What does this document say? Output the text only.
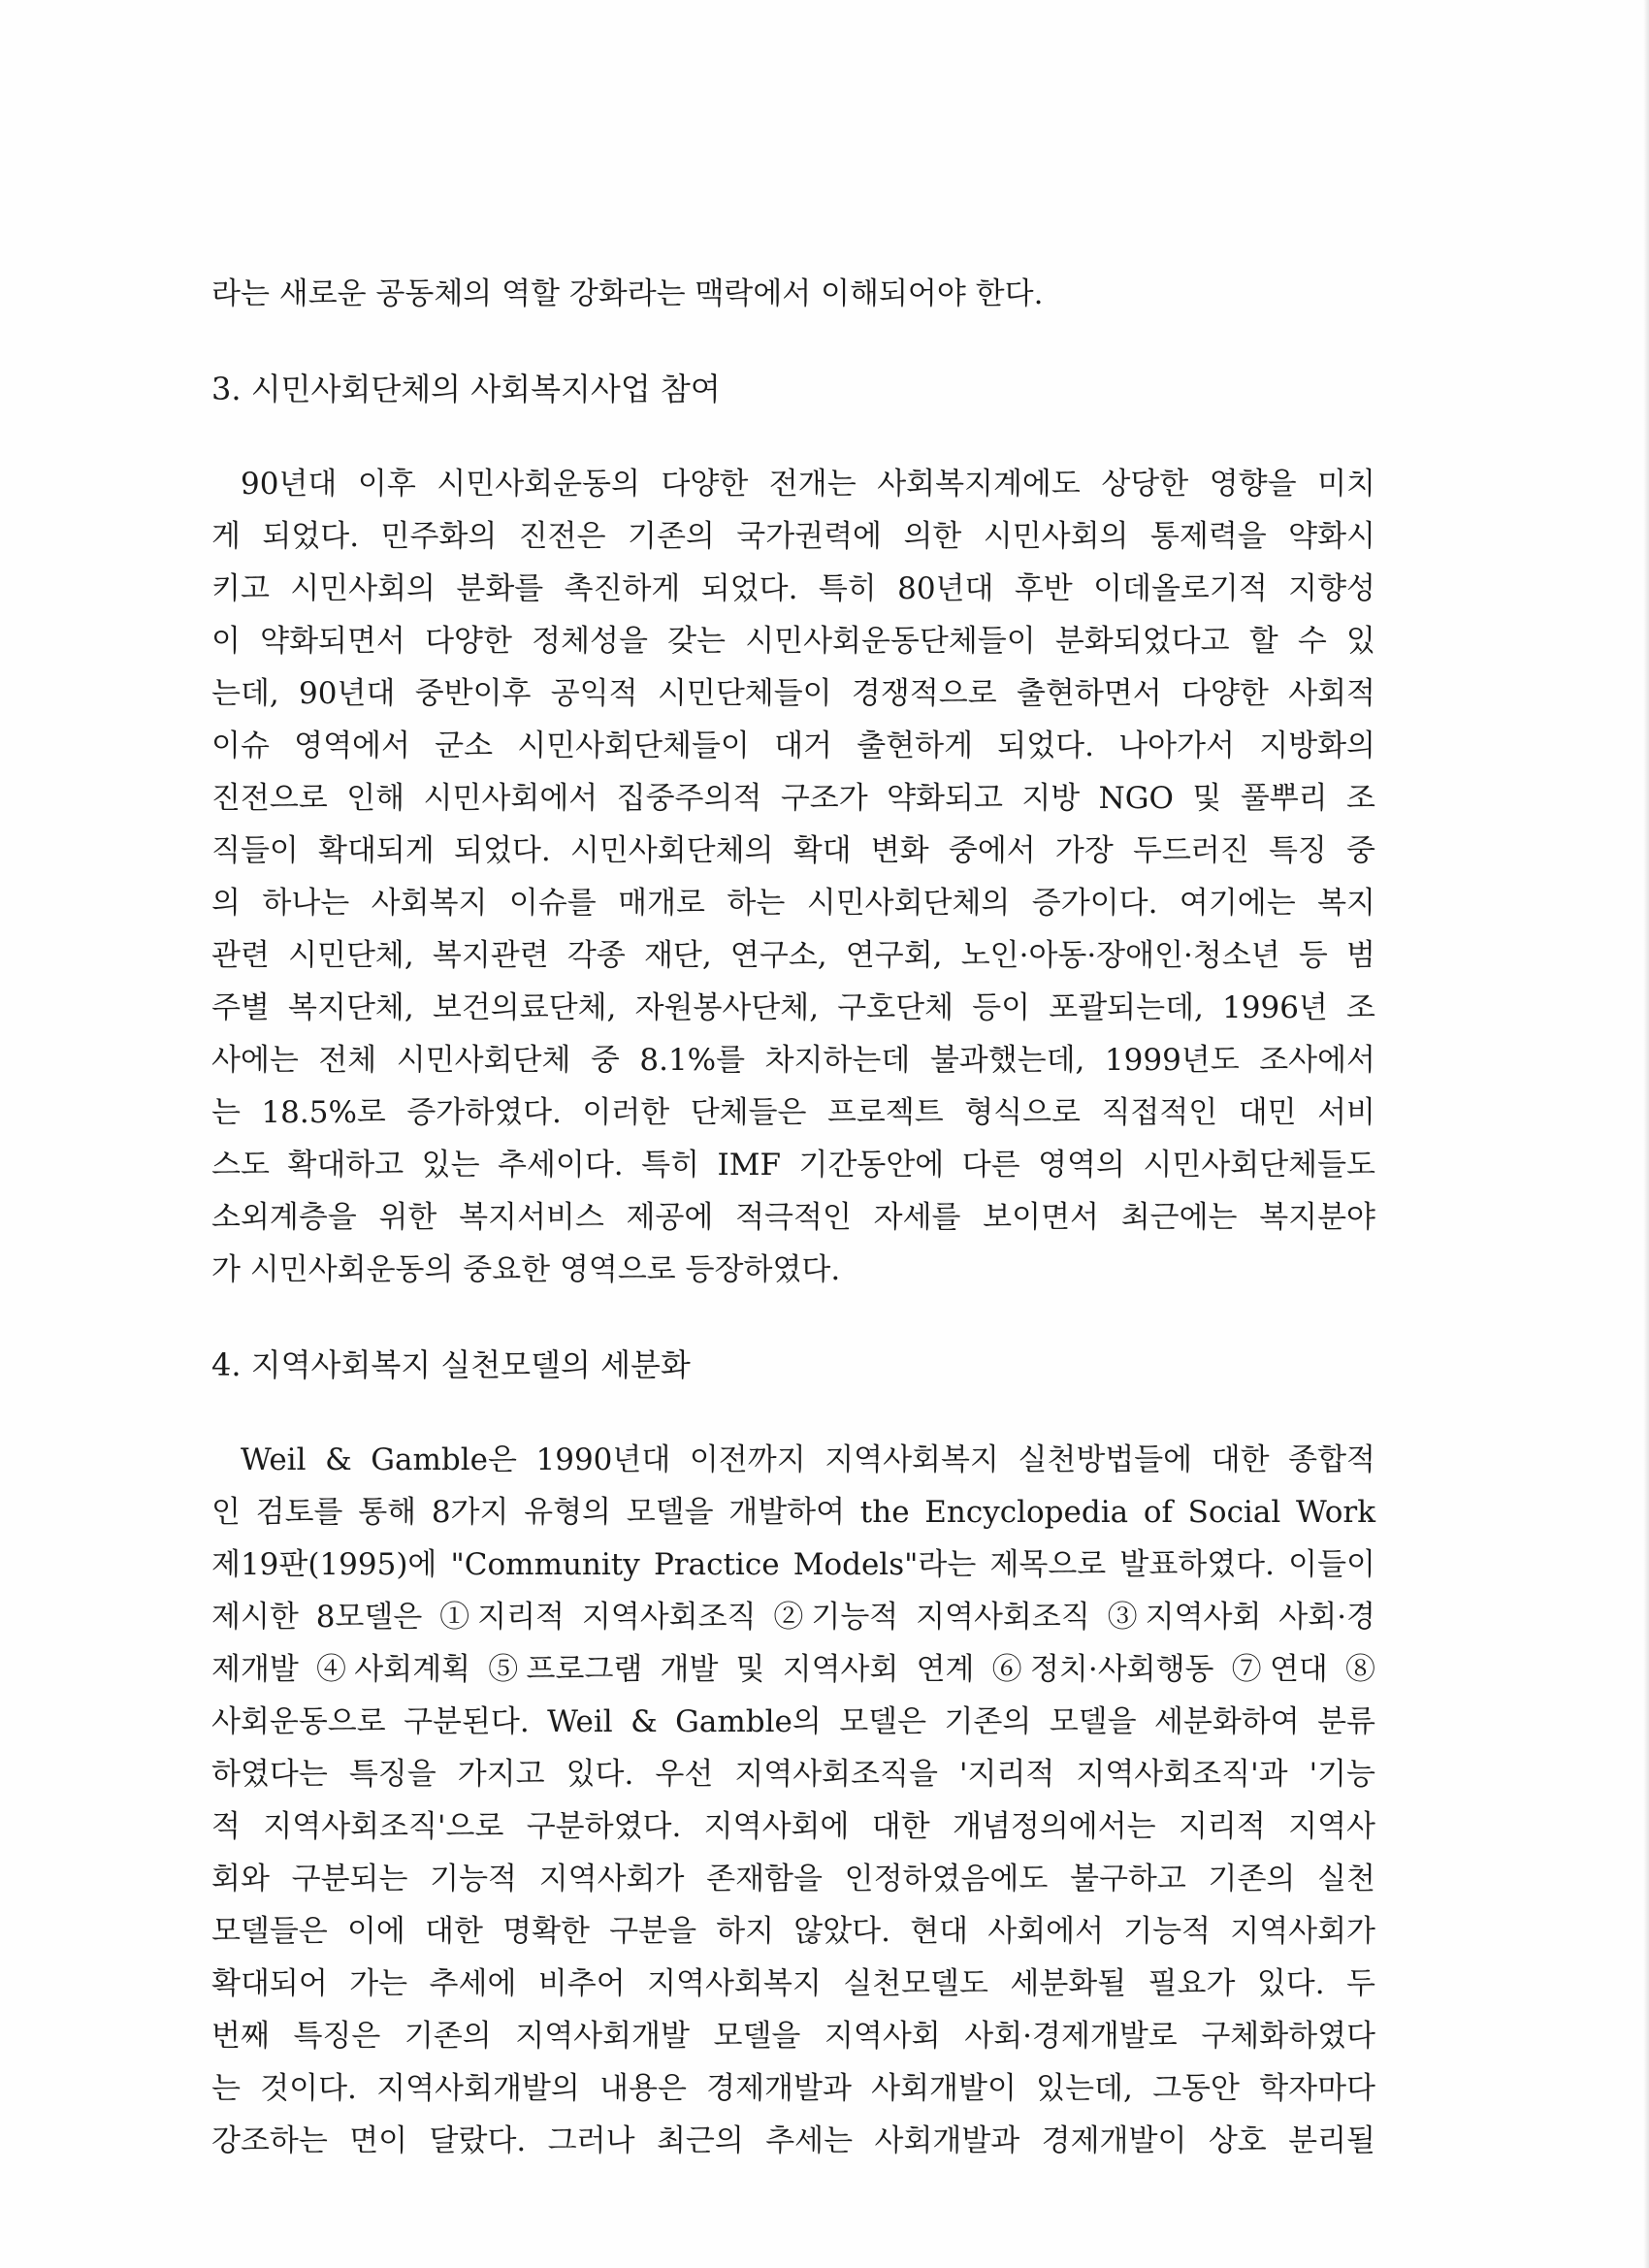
라는 새로운 공동체의 역할 강화라는 맥락에서 이해되어야 한다.
3. 시민사회단체의 사회복지사업 참여
90년대 이후 시민사회운동의 다양한 전개는 사회복지계에도 상당한 영향을 미치
게 되었다. 민주화의 진전은 기존의 국가권력에 의한 시민사회의 통제력을 약화시
키고 시민사회의 분화를 촉진하게 되었다. 특히 80년대 후반 이데올로기적 지향성
이 약화되면서 다양한 정체성을 갖는 시민사회운동단체들이 분화되었다고 할 수 있
는데, 90년대 중반이후 공익적 시민단체들이 경쟁적으로 출현하면서 다양한 사회적
이슈 영역에서 군소 시민사회단체들이 대거 출현하게 되었다. 나아가서 지방화의
진전으로 인해 시민사회에서 집중주의적 구조가 약화되고 지방 NGO 및 풀뿌리 조
직들이 확대되게 되었다. 시민사회단체의 확대 변화 중에서 가장 두드러진 특징 중
의 하나는 사회복지 이슈를 매개로 하는 시민사회단체의 증가이다. 여기에는 복지
관련 시민단체, 복지관련 각종 재단, 연구소, 연구회, 노인·아동·장애인·청소년 등 범
주별 복지단체, 보건의료단체, 자원봉사단체, 구호단체 등이 포괄되는데, 1996년 조
사에는 전체 시민사회단체 중 8.1%를 차지하는데 불과했는데, 1999년도 조사에서
는 18.5%로 증가하였다. 이러한 단체들은 프로젝트 형식으로 직접적인 대민 서비
스도 확대하고 있는 추세이다. 특히 IMF 기간동안에 다른 영역의 시민사회단체들도
소외계층을 위한 복지서비스 제공에 적극적인 자세를 보이면서 최근에는 복지분야
가 시민사회운동의 중요한 영역으로 등장하였다.
4. 지역사회복지 실천모델의 세분화
Weil & Gamble은 1990년대 이전까지 지역사회복지 실천방법들에 대한 종합적
인 검토를 통해 8가지 유형의 모델을 개발하여 the Encyclopedia of Social Work
제19판(1995)에 "Community Practice Models"라는 제목으로 발표하였다. 이들이
제시한 8모델은 ①지리적 지역사회조직 ②기능적 지역사회조직 ③지역사회 사회·경
제개발 ④사회계획 ⑤프로그램 개발 및 지역사회 연계 ⑥정치·사회행동 ⑦연대 ⑧
사회운동으로 구분된다. Weil & Gamble의 모델은 기존의 모델을 세분화하여 분류
하였다는 특징을 가지고 있다. 우선 지역사회조직을 '지리적 지역사회조직'과 '기능
적 지역사회조직'으로 구분하였다. 지역사회에 대한 개념정의에서는 지리적 지역사
회와 구분되는 기능적 지역사회가 존재함을 인정하였음에도 불구하고 기존의 실천
모델들은 이에 대한 명확한 구분을 하지 않았다. 현대 사회에서 기능적 지역사회가
확대되어 가는 추세에 비추어 지역사회복지 실천모델도 세분화될 필요가 있다. 두
번째 특징은 기존의 지역사회개발 모델을 지역사회 사회·경제개발로 구체화하였다
는 것이다. 지역사회개발의 내용은 경제개발과 사회개발이 있는데, 그동안 학자마다
강조하는 면이 달랐다. 그러나 최근의 추세는 사회개발과 경제개발이 상호 분리될
